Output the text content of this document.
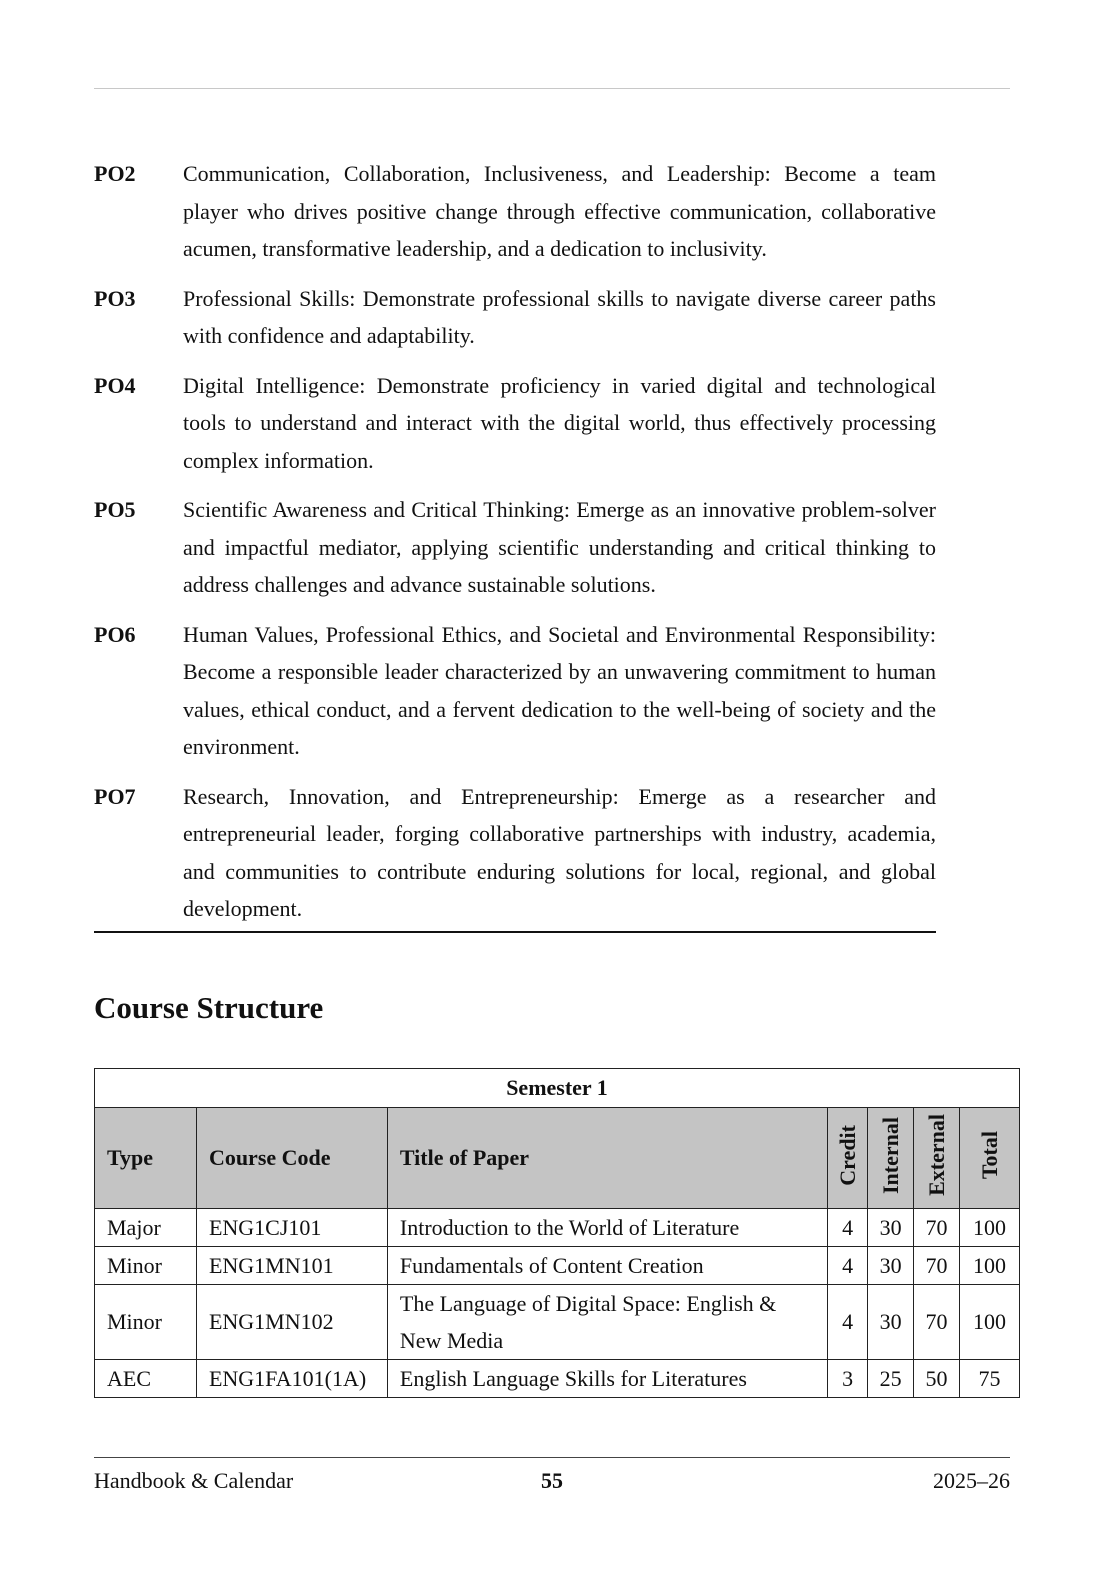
PO2	Communication, Collaboration, Inclusiveness, and Leadership: Become a team player who drives positive change through effective communication, collaborative acumen, transformative leadership, and a dedication to inclusivity.
PO3	Professional Skills: Demonstrate professional skills to navigate diverse career paths with confidence and adaptability.
PO4	Digital Intelligence: Demonstrate proficiency in varied digital and technological tools to understand and interact with the digital world, thus effectively processing complex information.
PO5	Scientific Awareness and Critical Thinking: Emerge as an innovative problem-solver and impactful mediator, applying scientific understanding and critical thinking to address challenges and advance sustainable solutions.
PO6	Human Values, Professional Ethics, and Societal and Environmental Responsibility: Become a responsible leader characterized by an unwavering commitment to human values, ethical conduct, and a fervent dedication to the well-being of society and the environment.
PO7	Research, Innovation, and Entrepreneurship: Emerge as a researcher and entrepreneurial leader, forging collaborative partnerships with industry, academia, and communities to contribute enduring solutions for local, regional, and global development.
Course Structure
Semester 1						
Type	Course Code	Title of Paper	Credit	Internal	External	Total
Major	ENG1CJ101	Introduction to the World of Literature	4	30	70	100
Minor	ENG1MN101	Fundamentals of Content Creation	4	30	70	100
Minor	ENG1MN102	The Language of Digital Space: English & New Media	4	30	70	100
AEC	ENG1FA101(1A)	English Language Skills for Literatures	3	25	50	75
Handbook & Calendar	55	2025–26
